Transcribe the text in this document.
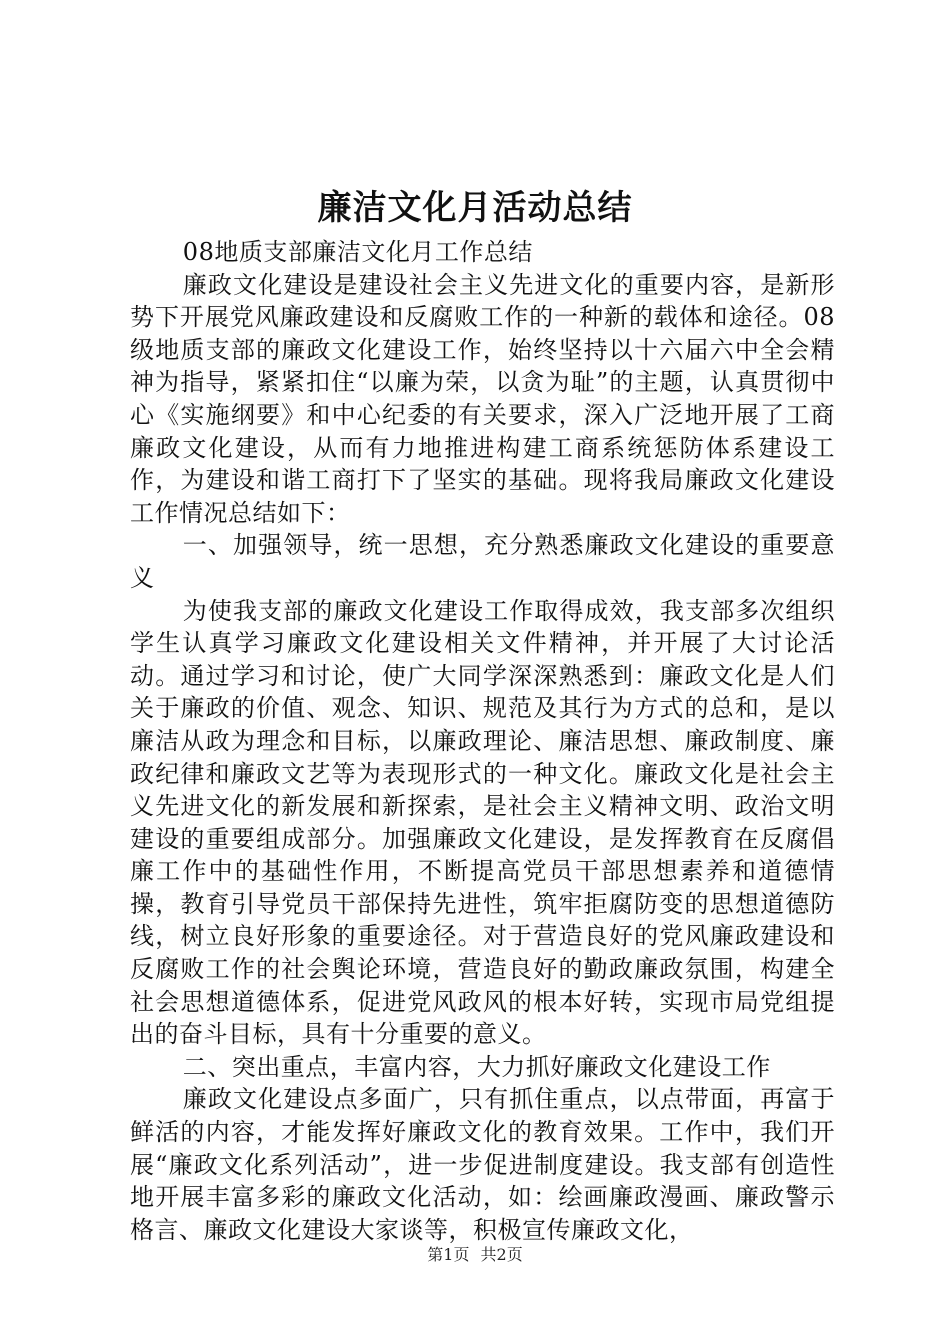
廉洁文化月活动总结

08地质支部廉洁文化月工作总结

廉政文化建设是建设社会主义先进文化的重要内容，是新形势下开展党风廉政建设和反腐败工作的一种新的载体和途径。08级地质支部的廉政文化建设工作，始终坚持以十六届六中全会精神为指导，紧紧扣住“以廉为荣，以贪为耻”的主题，认真贯彻中心《实施纲要》和中心纪委的有关要求，深入广泛地开展了工商廉政文化建设，从而有力地推进构建工商系统惩防体系建设工作，为建设和谐工商打下了坚实的基础。现将我局廉政文化建设工作情况总结如下：

一、加强领导，统一思想，充分熟悉廉政文化建设的重要意义

为使我支部的廉政文化建设工作取得成效，我支部多次组织学生认真学习廉政文化建设相关文件精神，并开展了大讨论活动。通过学习和讨论，使广大同学深深熟悉到：廉政文化是人们关于廉政的价值、观念、知识、规范及其行为方式的总和，是以廉洁从政为理念和目标，以廉政理论、廉洁思想、廉政制度、廉政纪律和廉政文艺等为表现形式的一种文化。廉政文化是社会主义先进文化的新发展和新探索，是社会主义精神文明、政治文明建设的重要组成部分。加强廉政文化建设，是发挥教育在反腐倡廉工作中的基础性作用，不断提高党员干部思想素养和道德情操，教育引导党员干部保持先进性，筑牢拒腐防变的思想道德防线，树立良好形象的重要途径。对于营造良好的党风廉政建设和反腐败工作的社会舆论环境，营造良好的勤政廉政氛围，构建全社会思想道德体系，促进党风政风的根本好转，实现市局党组提出的奋斗目标，具有十分重要的意义。

二、突出重点，丰富内容，大力抓好廉政文化建设工作

廉政文化建设点多面广，只有抓住重点，以点带面，再富于鲜活的内容，才能发挥好廉政文化的教育效果。工作中，我们开展“廉政文化系列活动”，进一步促进制度建设。我支部有创造性地开展丰富多彩的廉政文化活动，如：绘画廉政漫画、廉政警示格言、廉政文化建设大家谈等，积极宣传廉政文化，

第1页 共2页
